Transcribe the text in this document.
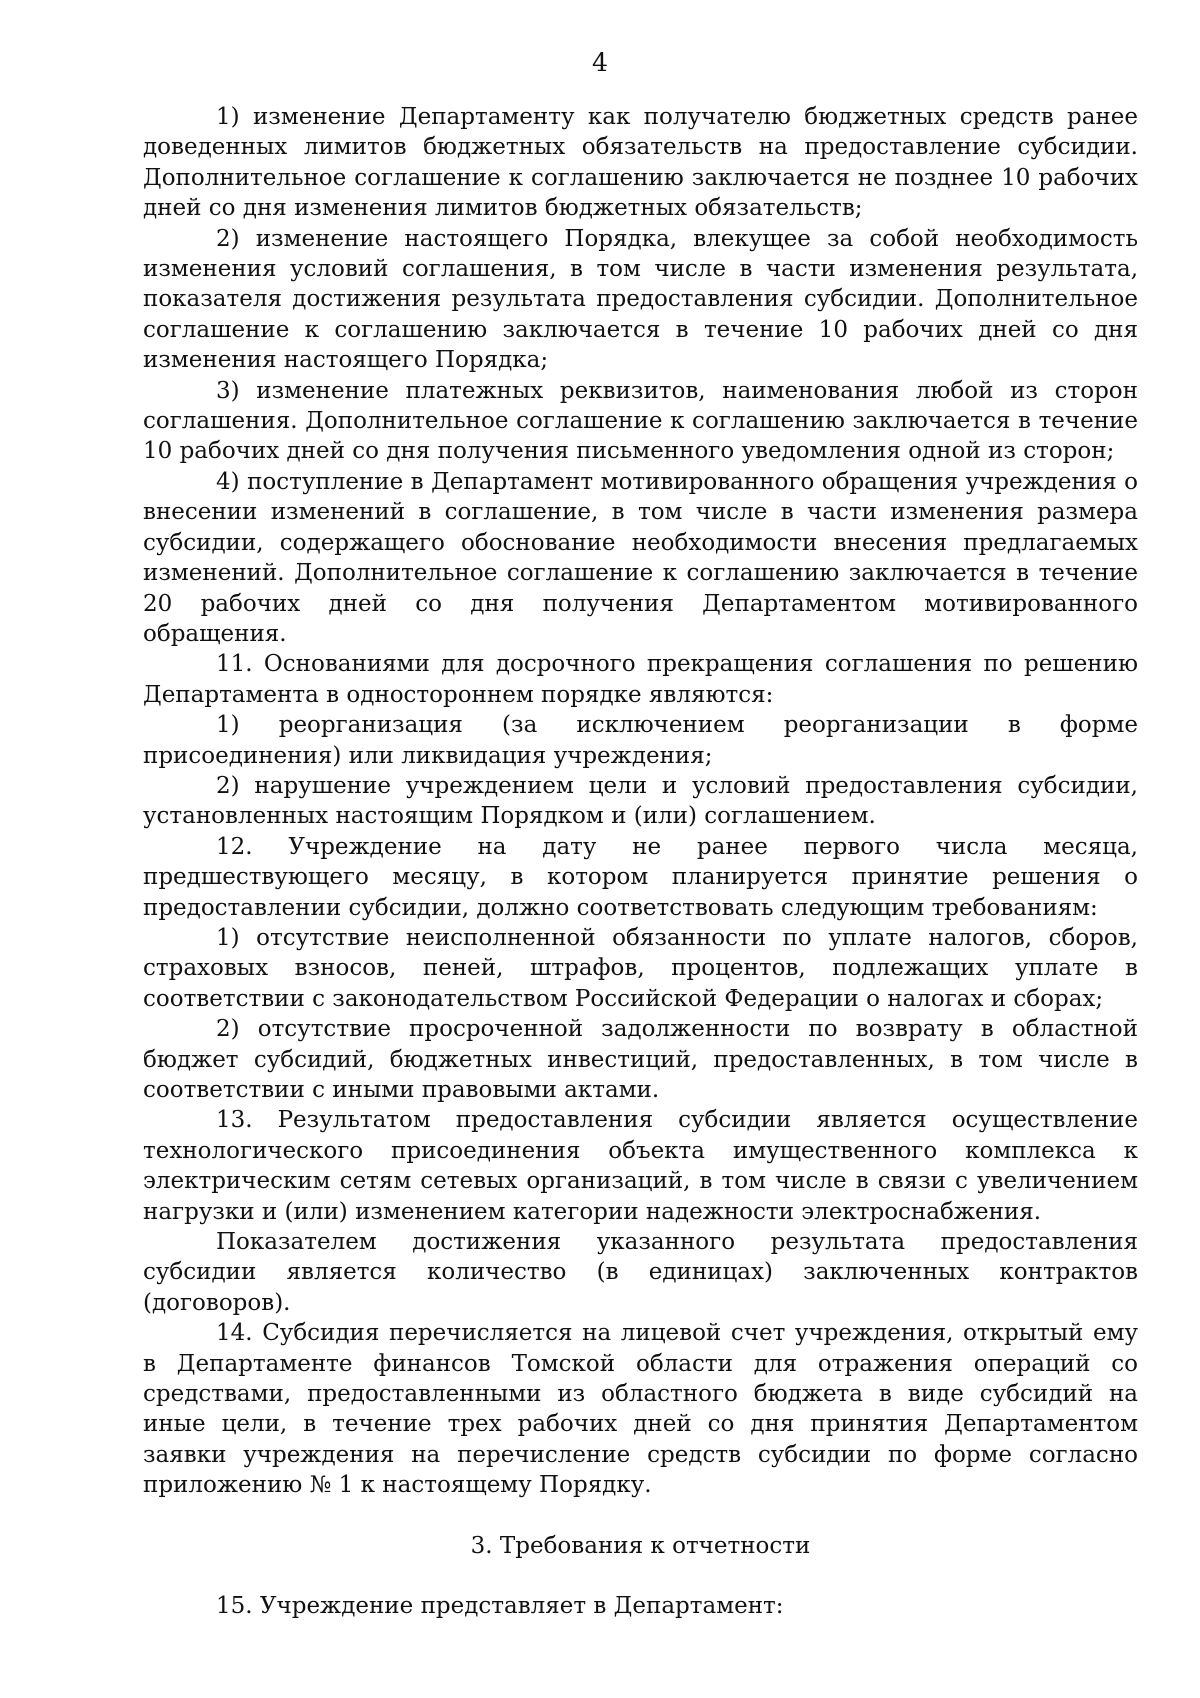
4

1) изменение Департаменту как получателю бюджетных средств ранее доведенных лимитов бюджетных обязательств на предоставление субсидии. Дополнительное соглашение к соглашению заключается не позднее 10 рабочих дней со дня изменения лимитов бюджетных обязательств;

2) изменение настоящего Порядка, влекущее за собой необходимость изменения условий соглашения, в том числе в части изменения результата, показателя достижения результата предоставления субсидии. Дополнительное соглашение к соглашению заключается в течение 10 рабочих дней со дня изменения настоящего Порядка;

3) изменение платежных реквизитов, наименования любой из сторон соглашения. Дополнительное соглашение к соглашению заключается в течение 10 рабочих дней со дня получения письменного уведомления одной из сторон;

4) поступление в Департамент мотивированного обращения учреждения о внесении изменений в соглашение, в том числе в части изменения размера субсидии, содержащего обоснование необходимости внесения предлагаемых изменений. Дополнительное соглашение к соглашению заключается в течение 20 рабочих дней со дня получения Департаментом мотивированного обращения.

11. Основаниями для досрочного прекращения соглашения по решению Департамента в одностороннем порядке являются:

1) реорганизация (за исключением реорганизации в форме присоединения) или ликвидация учреждения;

2) нарушение учреждением цели и условий предоставления субсидии, установленных настоящим Порядком и (или) соглашением.

12. Учреждение на дату не ранее первого числа месяца, предшествующего месяцу, в котором планируется принятие решения о предоставлении субсидии, должно соответствовать следующим требованиям:

1) отсутствие неисполненной обязанности по уплате налогов, сборов, страховых взносов, пеней, штрафов, процентов, подлежащих уплате в соответствии с законодательством Российской Федерации о налогах и сборах;

2) отсутствие просроченной задолженности по возврату в областной бюджет субсидий, бюджетных инвестиций, предоставленных, в том числе в соответствии с иными правовыми актами.

13. Результатом предоставления субсидии является осуществление технологического присоединения объекта имущественного комплекса к электрическим сетям сетевых организаций, в том числе в связи с увеличением нагрузки и (или) изменением категории надежности электроснабжения.

Показателем достижения указанного результата предоставления субсидии является количество (в единицах) заключенных контрактов (договоров).

14. Субсидия перечисляется на лицевой счет учреждения, открытый ему в Департаменте финансов Томской области для отражения операций со средствами, предоставленными из областного бюджета в виде субсидий на иные цели, в течение трех рабочих дней со дня принятия Департаментом заявки учреждения на перечисление средств субсидии по форме согласно приложению № 1 к настоящему Порядку.

3. Требования к отчетности

15. Учреждение представляет в Департамент:
